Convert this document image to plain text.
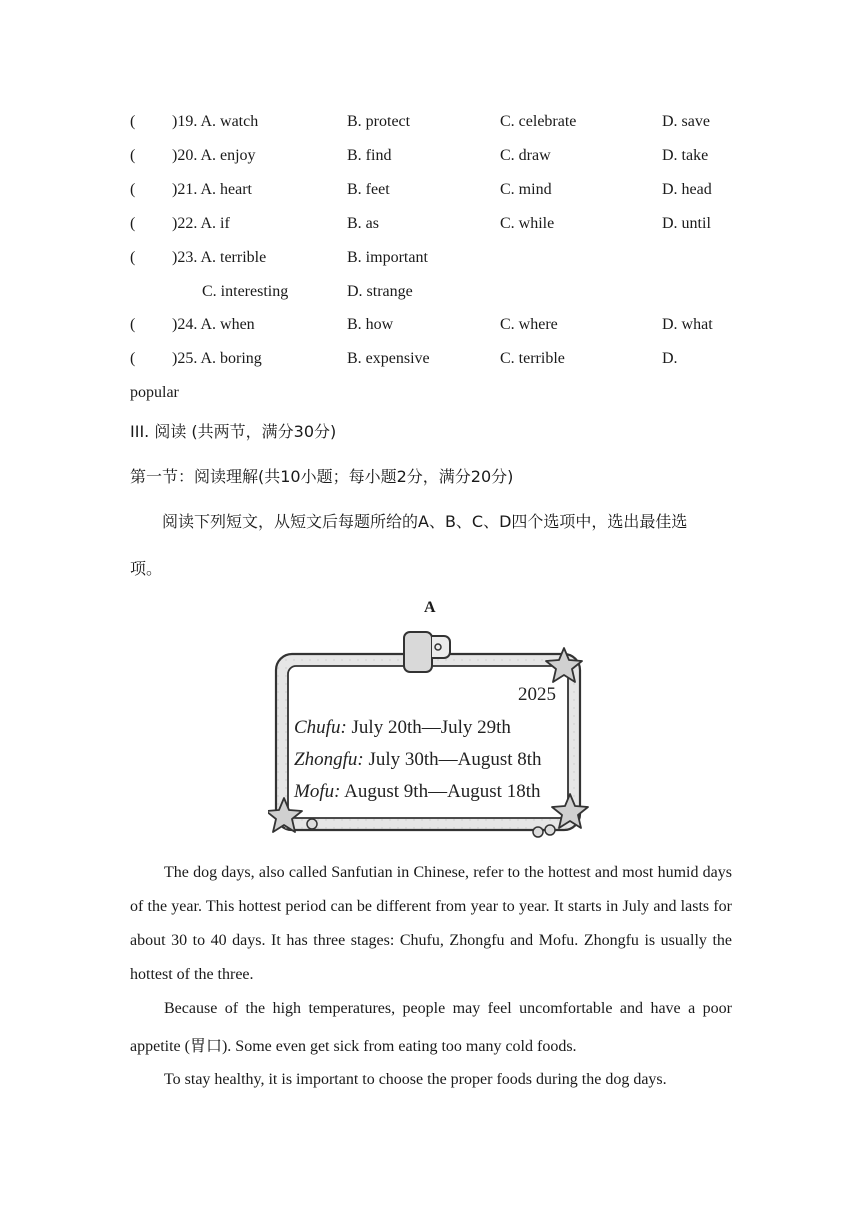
( )19. A. watch	B. protect	C. celebrate	D. save
( )20. A. enjoy	B. find	C. draw	D. take
( )21. A. heart	B. feet	C. mind	D. head
( )22. A. if	B. as	C. while	D. until
( )23. A. terrible	B. important
C. interesting	D. strange
( )24. A. when	B. how	C. where	D. what
( )25. A. boring	B. expensive	C. terrible	D.
popular
III. 阅读 (共两节，满分30分)
第一节：阅读理解(共10小题；每小题2分，满分20分)
阅读下列短文，从短文后每题所给的A、B、C、D四个选项中，选出最佳选
项。
A
2025
Chufu: July 20th—July 29th
Zhongfu: July 30th—August 8th
Mofu: August 9th—August 18th

The dog days, also called Sanfutian in Chinese, refer to the hottest and most humid days of the year. This hottest period can be different from year to year. It starts in July and lasts for about 30 to 40 days. It has three stages: Chufu, Zhongfu and Mofu. Zhongfu is usually the hottest of the three.

Because of the high temperatures, people may feel uncomfortable and have a poor appetite (胃口). Some even get sick from eating too many cold foods.

To stay healthy, it is important to choose the proper foods during the dog days.
